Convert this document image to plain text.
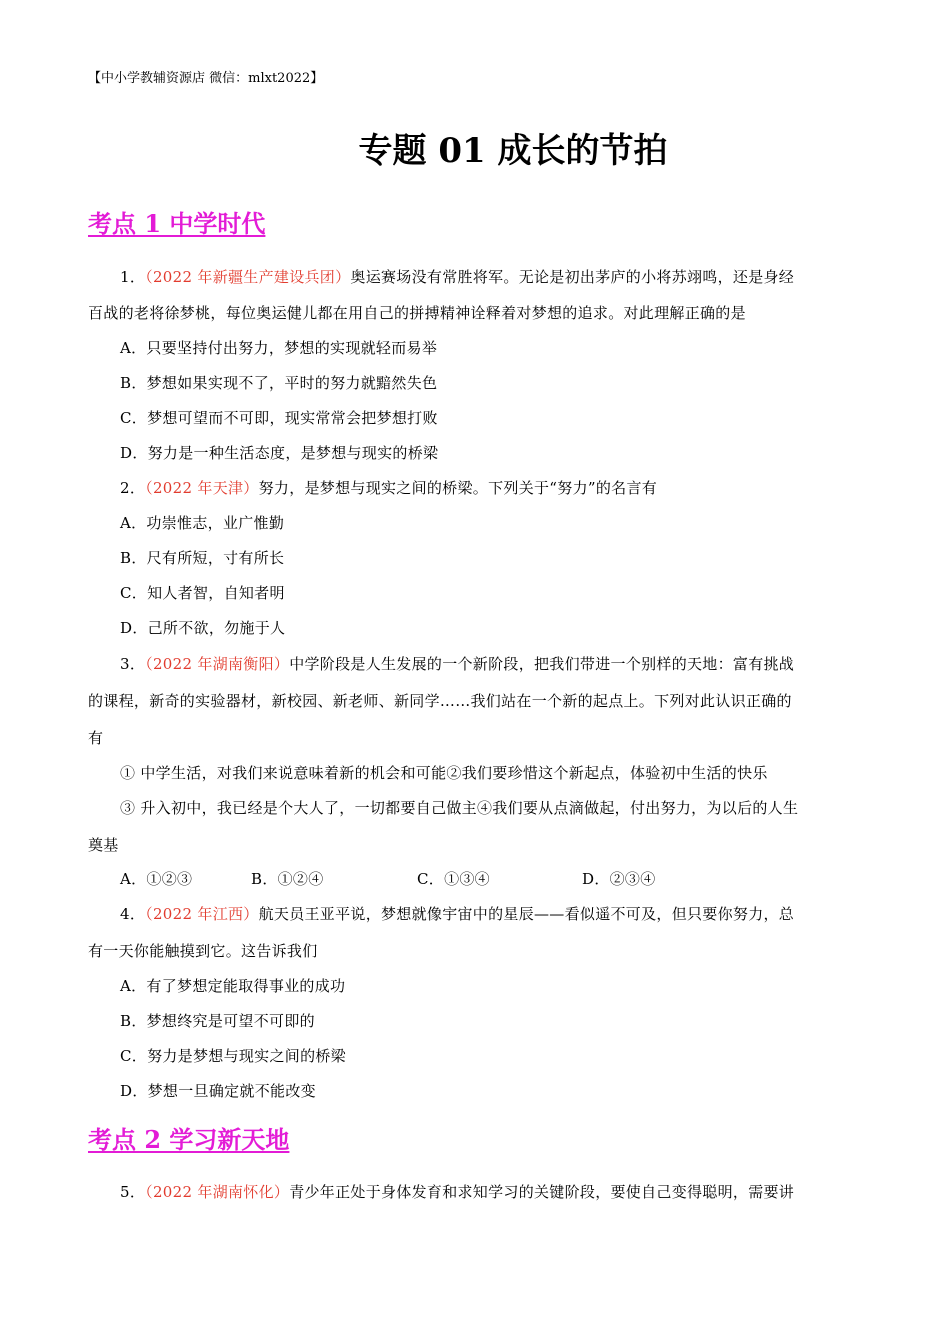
【中小学教辅资源店 微信：mlxt2022】
专题 01 成长的节拍
考点 1 中学时代
1．（2022 年新疆生产建设兵团）奥运赛场没有常胜将军。无论是初出茅庐的小将苏翊鸣，还是身经
百战的老将徐梦桃，每位奥运健儿都在用自己的拼搏精神诠释着对梦想的追求。对此理解正确的是
A．只要坚持付出努力，梦想的实现就轻而易举
B．梦想如果实现不了，平时的努力就黯然失色
C．梦想可望而不可即，现实常常会把梦想打败
D．努力是一种生活态度，是梦想与现实的桥梁
2．（2022 年天津）努力，是梦想与现实之间的桥梁。下列关于“努力”的名言有
A．功崇惟志，业广惟勤
B．尺有所短，寸有所长
C．知人者智，自知者明
D．己所不欲，勿施于人
3．（2022 年湖南衡阳）中学阶段是人生发展的一个新阶段，把我们带进一个别样的天地：富有挑战
的课程，新奇的实验器材，新校园、新老师、新同学……我们站在一个新的起点上。下列对此认识正确的
有
① 中学生活，对我们来说意味着新的机会和可能②我们要珍惜这个新起点，体验初中生活的快乐
③ 升入初中，我已经是个大人了，一切都要自己做主④我们要从点滴做起，付出努力，为以后的人生
奠基
A．①②③	B．①②④	C．①③④	D．②③④
4．（2022 年江西）航天员王亚平说，梦想就像宇宙中的星辰——看似遥不可及，但只要你努力，总
有一天你能触摸到它。这告诉我们
A．有了梦想定能取得事业的成功
B．梦想终究是可望不可即的
C．努力是梦想与现实之间的桥梁
D．梦想一旦确定就不能改变
考点 2 学习新天地
5．（2022 年湖南怀化）青少年正处于身体发育和求知学习的关键阶段，要使自己变得聪明，需要讲
